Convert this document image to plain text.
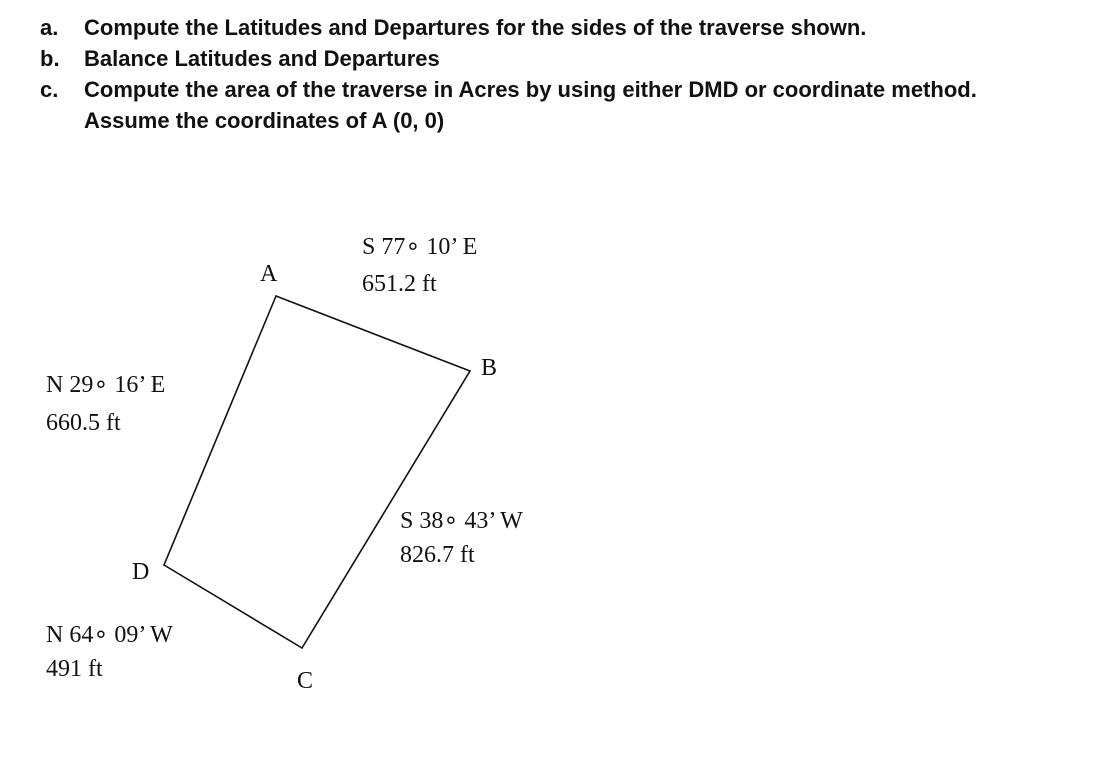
a.	Compute the Latitudes and Departures for the sides of the traverse shown.
b.	Balance Latitudes and Departures
c.	Compute the area of the traverse in Acres by using either DMD or coordinate method. Assume the coordinates of A (0, 0)
A
B
C
D
S 77∘ 10’ E
651.2 ft
S 38∘ 43’ W
826.7 ft
N 64∘ 09’ W
491 ft
N 29∘ 16’ E
660.5 ft
